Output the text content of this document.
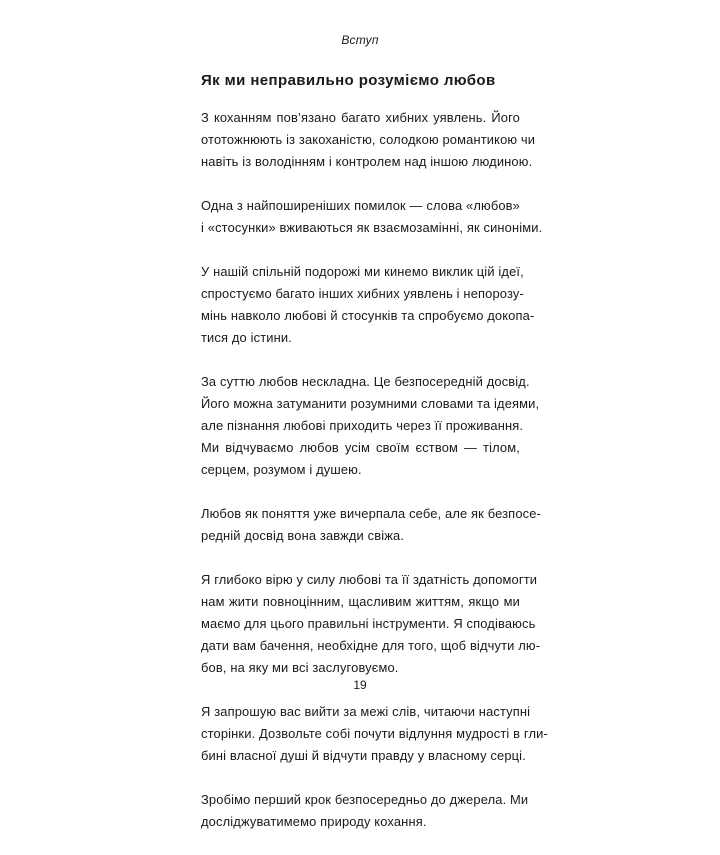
Вступ
Як ми неправильно розуміємо любов
З коханням пов’язано багато хибних уявлень. Його
ототожнюють із закоханістю, солодкою романтикою чи
навіть із володінням і контролем над іншою людиною.
Одна з найпоширеніших помилок — слова «любов»
і «стосунки» вживаються як взаємозамінні, як синоніми.
У нашій спільній подорожі ми кинемо виклик цій ідеї,
спростуємо багато інших хибних уявлень і непорозу-
мінь навколо любові й стосунків та спробуємо докопа-
тися до істини.
За суттю любов нескладна. Це безпосередній досвід.
Його можна затуманити розумними словами та ідеями,
але пізнання любові приходить через її проживання.
Ми відчуваємо любов усім своїм єством — тілом,
серцем, розумом і душею.
Любов як поняття уже вичерпала себе, але як безпосе-
редній досвід вона завжди свіжа.
Я глибоко вірю у силу любові та її здатність допомогти
нам жити повноцінним, щасливим життям, якщо ми
маємо для цього правильні інструменти. Я сподіваюсь
дати вам бачення, необхідне для того, щоб відчути лю-
бов, на яку ми всі заслуговуємо.
Я запрошую вас вийти за межі слів, читаючи наступні
сторінки. Дозвольте собі почути відлуння мудрості в гли-
бині власної душі й відчути правду у власному серці.
Зробімо перший крок безпосередньо до джерела. Ми
досліджуватимемо природу кохання.
19
